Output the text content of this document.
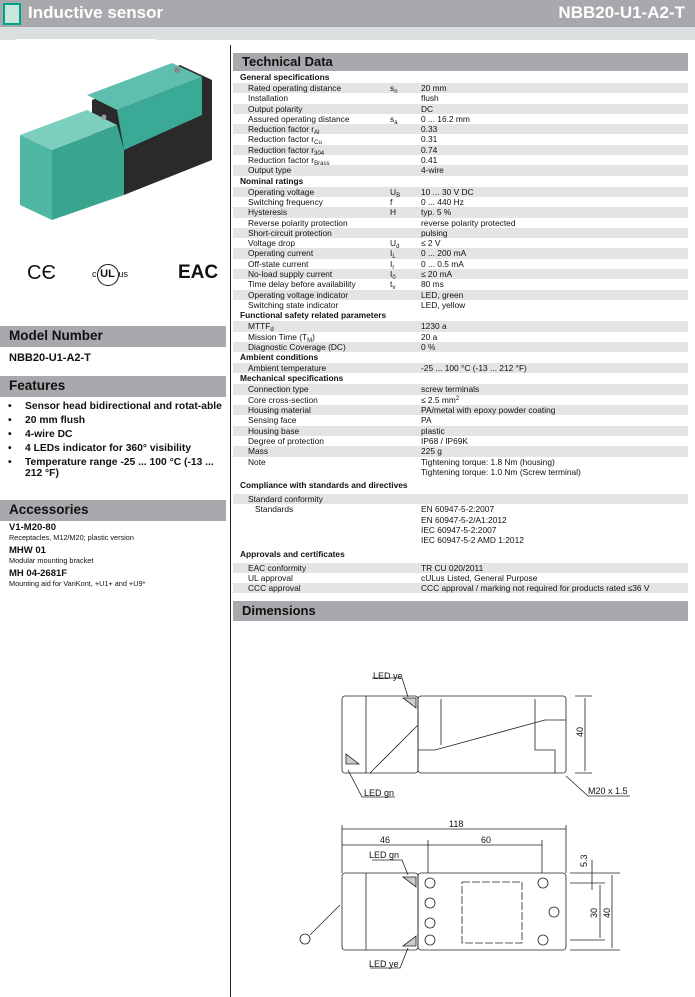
Inductive sensor	NBB20-U1-A2-T
CЄ	c UL us	EAC
Model Number
NBB20-U1-A2-T
Features
• Sensor head bidirectional and rotat-able
• 20 mm flush
• 4-wire DC
• 4 LEDs indicator for 360° visibility
• Temperature range -25 ... 100 °C (-13 ... 212 °F)
Accessories
V1-M20-80
Receptacles, M12/M20; plastic version
MHW 01
Modular mounting bracket
MH 04-2681F
Mounting aid for VariKont, +U1+ and +U9*
Technical Data
General specifications
Rated operating distance	$s_n$	20 mm
Installation	flush
Output polarity	DC
Assured operating distance	$s_a$	0 ... 16.2 mm
Reduction factor $r_{Al}$	0.33
Reduction factor $r_{Cu}$	0.31
Reduction factor $r_{304}$	0.74
Reduction factor $r_{Brass}$	0.41
Output type	4-wire
Nominal ratings
Operating voltage	$U_B$	10 ... 30 V DC
Switching frequency	f	0 ... 440 Hz
Hysteresis	H	typ. 5 %
Reverse polarity protection	reverse polarity protected
Short-circuit protection	pulsing
Voltage drop	$U_d$	≤ 2 V
Operating current	$I_L$	0 ... 200 mA
Off-state current	$I_r$	0 ... 0.5 mA
No-load supply current	$I_0$	≤ 20 mA
Time delay before availability	$t_v$	80 ms
Operating voltage indicator	LED, green
Switching state indicator	LED, yellow
Functional safety related parameters
$MTTF_d$	1230 a
Mission Time $(T_M)$	20 a
Diagnostic Coverage (DC)	0 %
Ambient conditions
Ambient temperature	-25 ... 100 °C (-13 ... 212 °F)
Mechanical specifications
Connection type	screw terminals
Core cross-section	≤ 2.5 $mm^2$
Housing material	PA/metal with epoxy powder coating
Sensing face	PA
Housing base	plastic
Degree of protection	IP68 / IP69K
Mass	225 g
Note	Tightening torque: 1.8 Nm (housing)
Tightening torque: 1.0 Nm (Screw terminal)
Compliance with standards and directives
Standard conformity
Standards	EN 60947-5-2:2007
EN 60947-5-2/A1:2012
IEC 60947-5-2:2007
IEC 60947-5-2 AMD 1:2012
Approvals and certificates
EAC conformity	TR CU 020/2011
UL approval	cULus Listed, General Purpose
CCC approval	CCC approval / marking not required for products rated ≤36 V
Dimensions
LED ye
LED gn	M20 x 1.5
40
118
46	60
LED gn
LED ye
5.3
30 40
